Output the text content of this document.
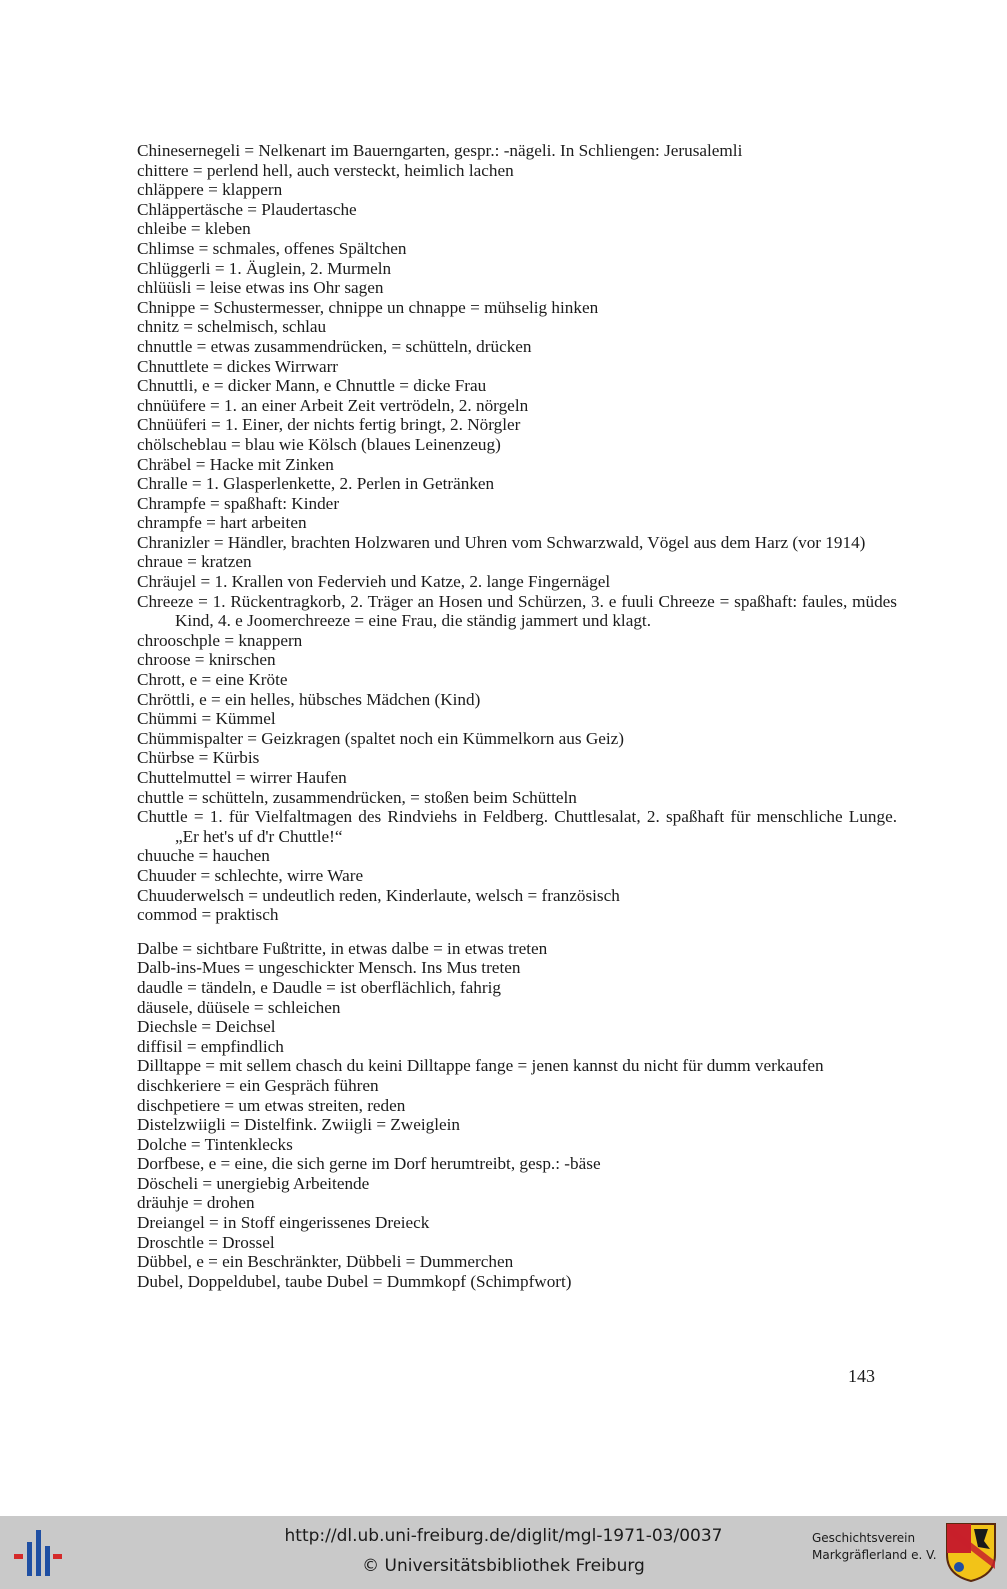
Chinesernegeli = Nelkenart im Bauerngarten, gespr.: -nägeli. In Schliengen: Jerusalemli
chittere = perlend hell, auch versteckt, heimlich lachen
chläppere = klappern
Chläppertäsche = Plaudertasche
chleibe = kleben
Chlimse = schmales, offenes Spältchen
Chlüggerli = 1. Äuglein, 2. Murmeln
chlüüsli = leise etwas ins Ohr sagen
Chnippe = Schustermesser, chnippe un chnappe = mühselig hinken
chnitz = schelmisch, schlau
chnuttle = etwas zusammendrücken, = schütteln, drücken
Chnuttlete = dickes Wirrwarr
Chnuttli, e = dicker Mann, e Chnuttle = dicke Frau
chnüüfere = 1. an einer Arbeit Zeit vertrödeln, 2. nörgeln
Chnüüferi = 1. Einer, der nichts fertig bringt, 2. Nörgler
chölscheblau = blau wie Kölsch (blaues Leinenzeug)
Chräbel = Hacke mit Zinken
Chralle = 1. Glasperlenkette, 2. Perlen in Getränken
Chrampfe = spaßhaft: Kinder
chrampfe = hart arbeiten
Chranizler = Händler, brachten Holzwaren und Uhren vom Schwarzwald, Vögel aus dem Harz (vor 1914)
chraue = kratzen
Chräujel = 1. Krallen von Federvieh und Katze, 2. lange Fingernägel
Chreeze = 1. Rückentragkorb, 2. Träger an Hosen und Schürzen, 3. e fuuli Chreeze = spaßhaft: faules, müdes Kind, 4. e Joomerchreeze = eine Frau, die ständig jammert und klagt.
chrooschple = knappern
chroose = knirschen
Chrott, e = eine Kröte
Chröttli, e = ein helles, hübsches Mädchen (Kind)
Chümmi = Kümmel
Chümmispalter = Geizkragen (spaltet noch ein Kümmelkorn aus Geiz)
Chürbse = Kürbis
Chuttelmuttel = wirrer Haufen
chuttle = schütteln, zusammendrücken, = stoßen beim Schütteln
Chuttle = 1. für Vielfaltmagen des Rindviehs in Feldberg. Chuttlesalat, 2. spaßhaft für menschliche Lunge. „Er het's uf d'r Chuttle!“
chuuche = hauchen
Chuuder = schlechte, wirre Ware
Chuuderwelsch = undeutlich reden, Kinderlaute, welsch = französisch
commod = praktisch
Dalbe = sichtbare Fußtritte, in etwas dalbe = in etwas treten
Dalb-ins-Mues = ungeschickter Mensch. Ins Mus treten
daudle = tändeln, e Daudle = ist oberflächlich, fahrig
däusele, düüsele = schleichen
Diechsle = Deichsel
diffisil = empfindlich
Dilltappe = mit sellem chasch du keini Dilltappe fange = jenen kannst du nicht für dumm verkaufen
dischkeriere = ein Gespräch führen
dischpetiere = um etwas streiten, reden
Distelzwiigli = Distelfink. Zwiigli = Zweiglein
Dolche = Tintenklecks
Dorfbese, e = eine, die sich gerne im Dorf herumtreibt, gesp.: -bäse
Döscheli = unergiebig Arbeitende
dräuhje = drohen
Dreiangel = in Stoff eingerissenes Dreieck
Droschtle = Drossel
Dübbel, e = ein Beschränkter, Dübbeli = Dummerchen
Dubel, Doppeldubel, taube Dubel = Dummkopf (Schimpfwort)
143
http://dl.ub.uni-freiburg.de/diglit/mgl-1971-03/0037
© Universitätsbibliothek Freiburg
Geschichtsverein
Markgräflerland e. V.
